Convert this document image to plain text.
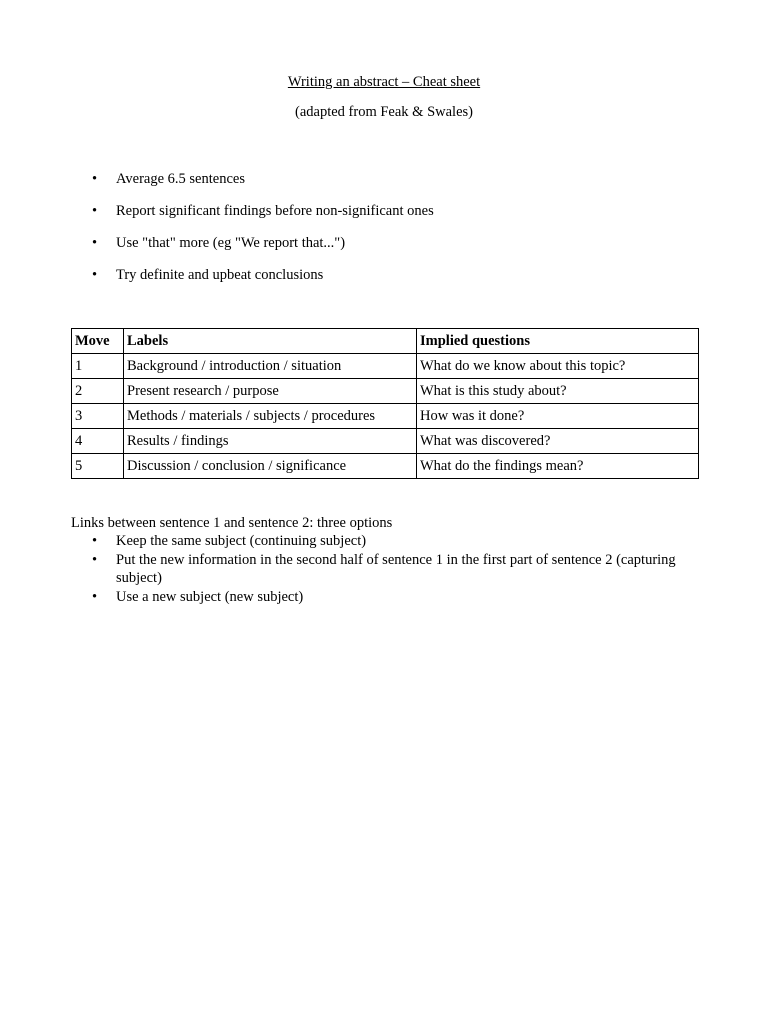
Writing an abstract – Cheat sheet
(adapted from Feak & Swales)
• Average 6.5 sentences
• Report significant findings before non-significant ones
• Use "that" more (eg "We report that...")
• Try definite and upbeat conclusions
Move	Labels	Implied questions
1	Background / introduction / situation	What do we know about this topic?
2	Present research / purpose	What is this study about?
3	Methods / materials / subjects / procedures	How was it done?
4	Results / findings	What was discovered?
5	Discussion / conclusion / significance	What do the findings mean?
Links between sentence 1 and sentence 2: three options
• Keep the same subject (continuing subject)
• Put the new information in the second half of sentence 1 in the first part of sentence 2 (capturing subject)
• Use a new subject (new subject)
